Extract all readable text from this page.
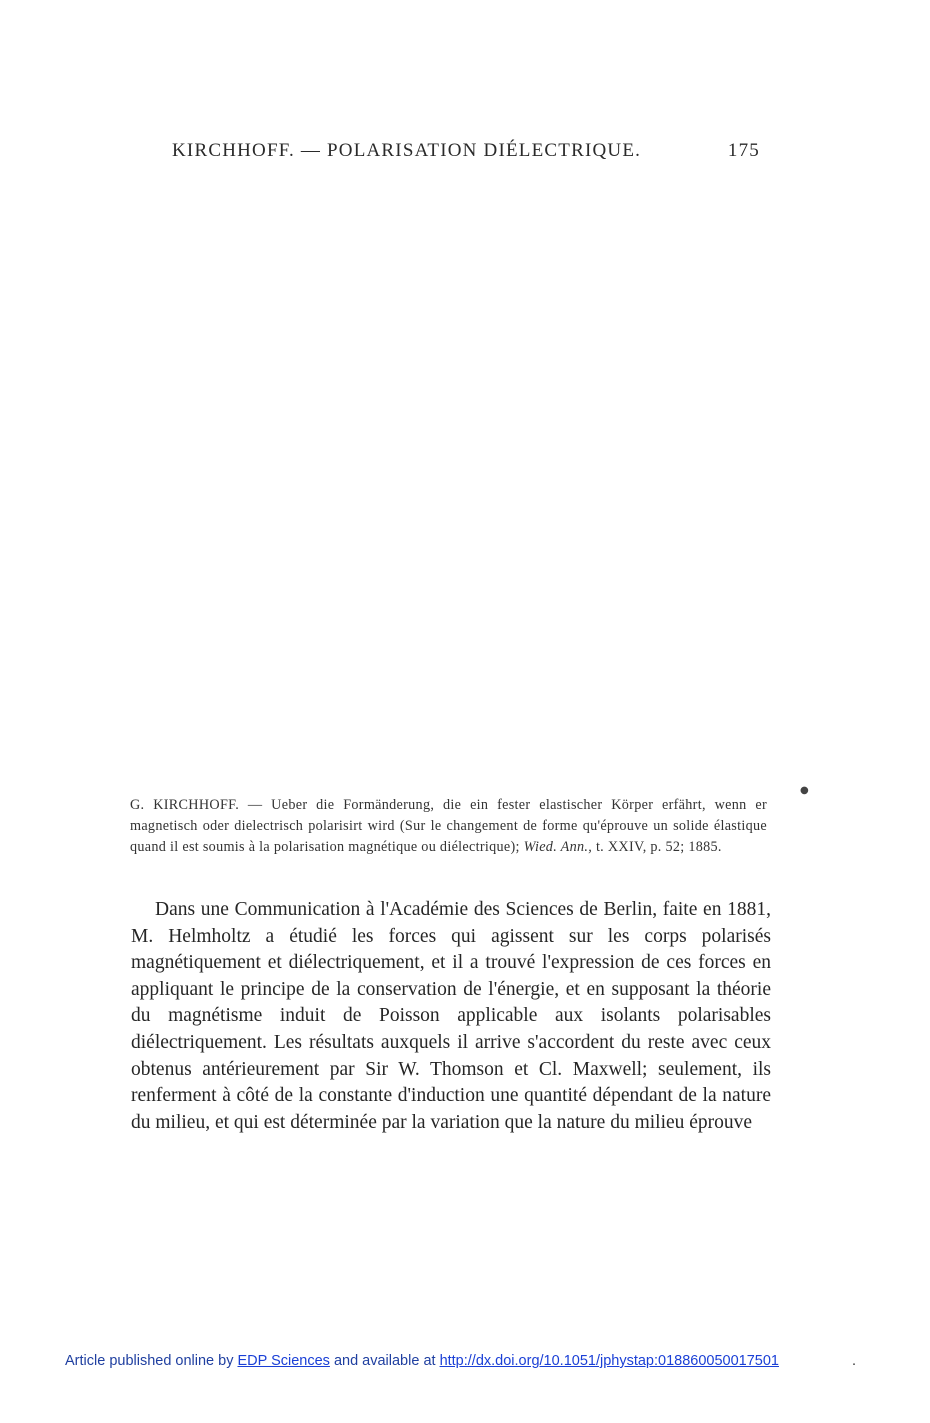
KIRCHHOFF. — POLARISATION DIÉLECTRIQUE.	175
●
G. KIRCHHOFF. — Ueber die Formänderung, die ein fester elastischer Körper erfährt, wenn er magnetisch oder dielectrisch polarisirt wird (Sur le changement de forme qu'éprouve un solide élastique quand il est soumis à la polarisation magnétique ou diélectrique); Wied. Ann., t. XXIV, p. 52; 1885.

Dans une Communication à l'Académie des Sciences de Berlin, faite en 1881, M. Helmholtz a étudié les forces qui agissent sur les corps polarisés magnétiquement et diélectriquement, et il a trouvé l'expression de ces forces en appliquant le principe de la conservation de l'énergie, et en supposant la théorie du magnétisme induit de Poisson applicable aux isolants polarisables diélectriquement. Les résultats auxquels il arrive s'accordent du reste avec ceux obtenus antérieurement par Sir W. Thomson et Cl. Maxwell; seulement, ils renferment à côté de la constante d'induction une quantité dépendant de la nature du milieu, et qui est déterminée par la variation que la nature du milieu éprouve

Article published online by EDP Sciences and available at http://dx.doi.org/10.1051/jphystap:018860050017501	.
